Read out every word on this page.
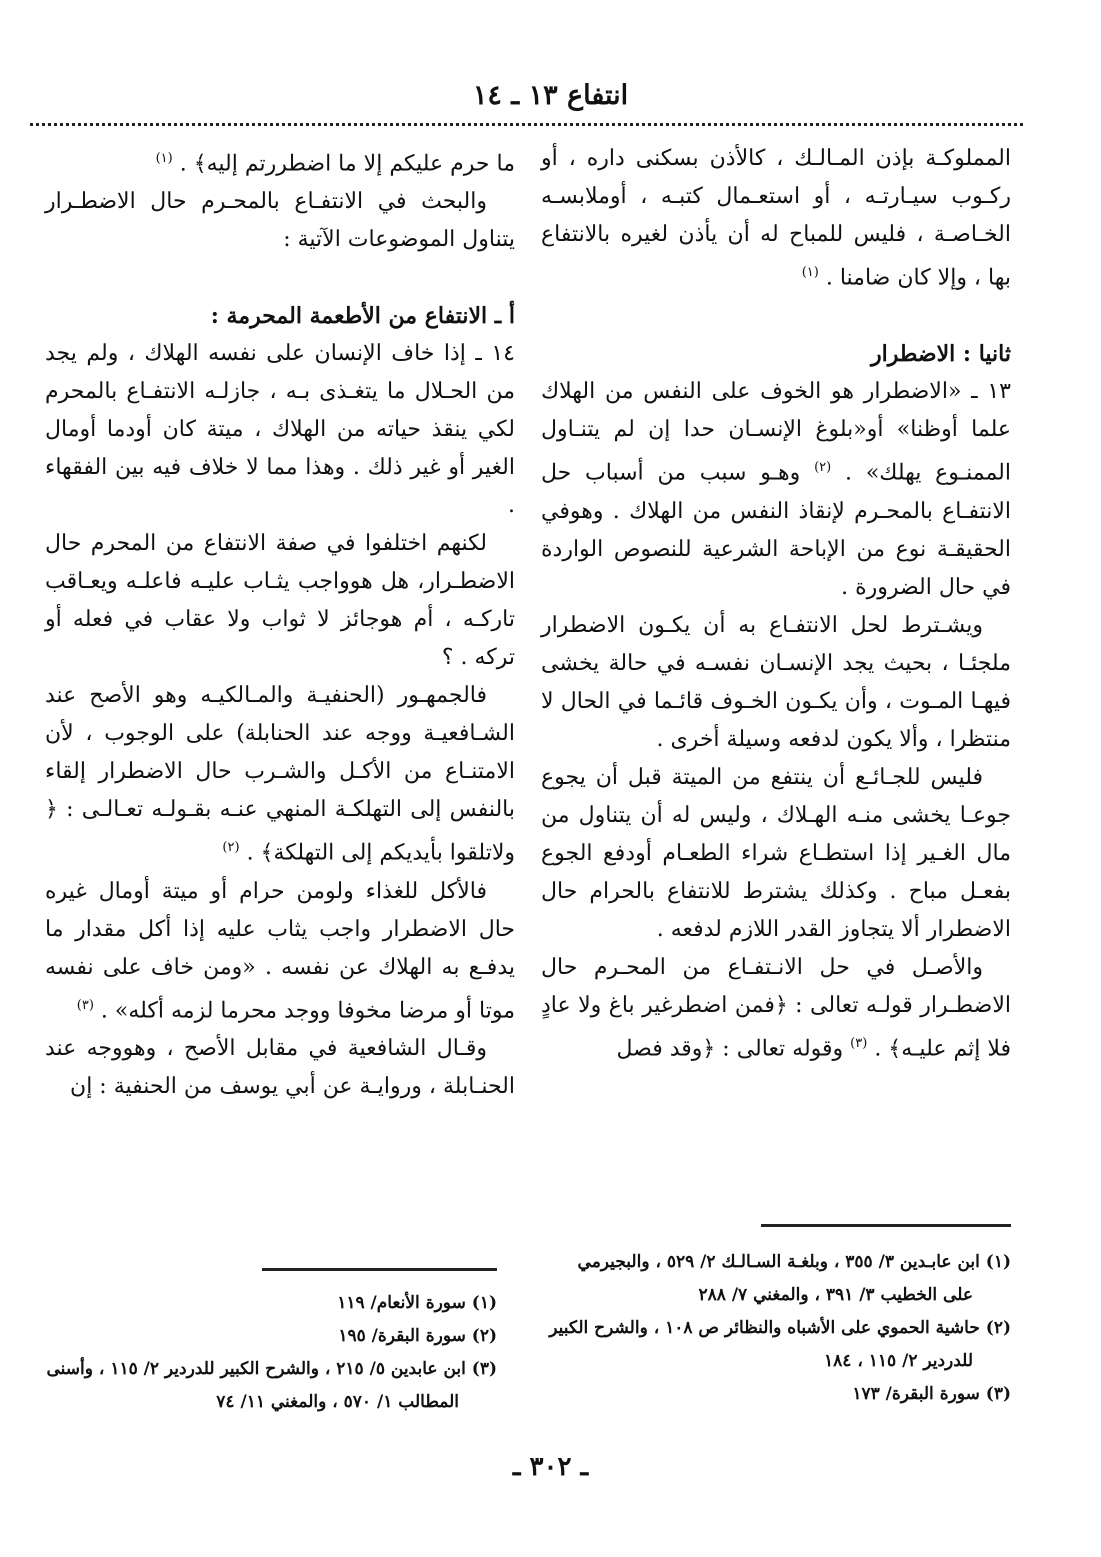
انتفاع ١٣ ـ ١٤

المملوكـة بإذن المـالـك ، كالأذن بسكنى داره ، أو ركـوب سيـارتـه ، أو استعـمال كتبـه ، أوملابسـه الخـاصـة ، فليس للمباح له أن يأذن لغيره بالانتفاع بها ، وإلا كان ضامنا . $^{(١)}$

ثانيا : الاضطرار

١٣ ـ «الاضطرار هو الخوف على النفس من الهلاك علما أوظنا» أو«بلوغ الإنسـان حدا إن لم يتنـاول الممنـوع يهلك» . $^{(٢)}$ وهـو سبب من أسباب حل الانتفـاع بالمحـرم لإنقاذ النفس من الهلاك . وهوفي الحقيقـة نوع من الإباحة الشرعية للنصوص الواردة في حال الضرورة .

ويشـترط لحل الانتفـاع به أن يكـون الاضطرار ملجئـا ، بحيث يجد الإنسـان نفسـه في حالة يخشى فيهـا المـوت ، وأن يكـون الخـوف قائـما في الحال لا منتظرا ، وألا يكون لدفعه وسيلة أخرى .

فليس للجـائـع أن ينتفع من الميتة قبل أن يجوع جوعـا يخشى منـه الهـلاك ، وليس له أن يتناول من مال الغـير إذا استطـاع شراء الطعـام أودفع الجوع بفعـل مباح . وكذلك يشترط للانتفاع بالحرام حال الاضطرار ألا يتجاوز القدر اللازم لدفعه .

والأصـل في حل الانـتفـاع من المحـرم حال الاضطـرار قولـه تعالى : ﴿فمن اضطرغير باغ ولا عادٍ فلا إثم عليـه﴾ . $^{(٣)}$ وقوله تعالى : ﴿وقد فصل

ما حرم عليكم إلا ما اضطررتم إليه﴾ . $^{(١)}$

والبحث في الانتفـاع بالمحـرم حال الاضطـرار يتناول الموضوعات الآتية :

أ ـ الانتفاع من الأطعمة المحرمة :

١٤ ـ إذا خاف الإنسان على نفسه الهلاك ، ولم يجد من الحـلال ما يتغـذى بـه ، جازلـه الانتفـاع بالمحرم لكي ينقذ حياته من الهلاك ، ميتة كان أودما أومال الغير أو غير ذلك . وهذا مما لا خلاف فيه بين الفقهاء .

لكنهم اختلفوا في صفة الانتفاع من المحرم حال الاضطـرار، هل هوواجب يثـاب عليـه فاعلـه ويعـاقب تاركـه ، أم هوجائز لا ثواب ولا عقاب في فعله أو تركه . ؟

فالجمهـور (الحنفيـة والمـالكيـه وهو الأصح عند الشـافعيـة ووجه عند الحنابلة) على الوجوب ، لأن الامتنـاع من الأكـل والشـرب حال الاضطرار إلقاء بالنفس إلى التهلكـة المنهي عنـه بقـولـه تعـالـى : ﴿ ولاتلقوا بأيديكم إلى التهلكة﴾ . $^{(٢)}$

فالأكل للغذاء ولومن حرام أو ميتة أومال غيره حال الاضطرار واجب يثاب عليه إذا أكل مقدار ما يدفـع به الهلاك عن نفسه . «ومن خاف على نفسه موتا أو مرضا مخوفا ووجد محرما لزمه أكله» . $^{(٣)}$

وقـال الشافعية في مقابل الأصح ، وهووجه عند الحنـابلة ، وروايـة عن أبي يوسف من الحنفية : إن

(١) ابن عابـدين ٣/ ٣٥٥ ، وبلغـة السـالـك ٢/ ٥٢٩ ، والبجيرمي

على الخطيب ٣/ ٣٩١ ، والمغني ٧/ ٢٨٨

(٢) حاشية الحموي على الأشباه والنظائر ص ١٠٨ ، والشرح الكبير

للدردير ٢/ ١١٥ ، ١٨٤

(٣) سورة البقرة/ ١٧٣

(١) سورة الأنعام/ ١١٩

(٢) سورة البقرة/ ١٩٥

(٣) ابن عابدين ٥/ ٢١٥ ، والشرح الكبير للدردير ٢/ ١١٥ ، وأسنى

المطالب ١/ ٥٧٠ ، والمغني ١١/ ٧٤

ـ ٣٠٢ ـ
